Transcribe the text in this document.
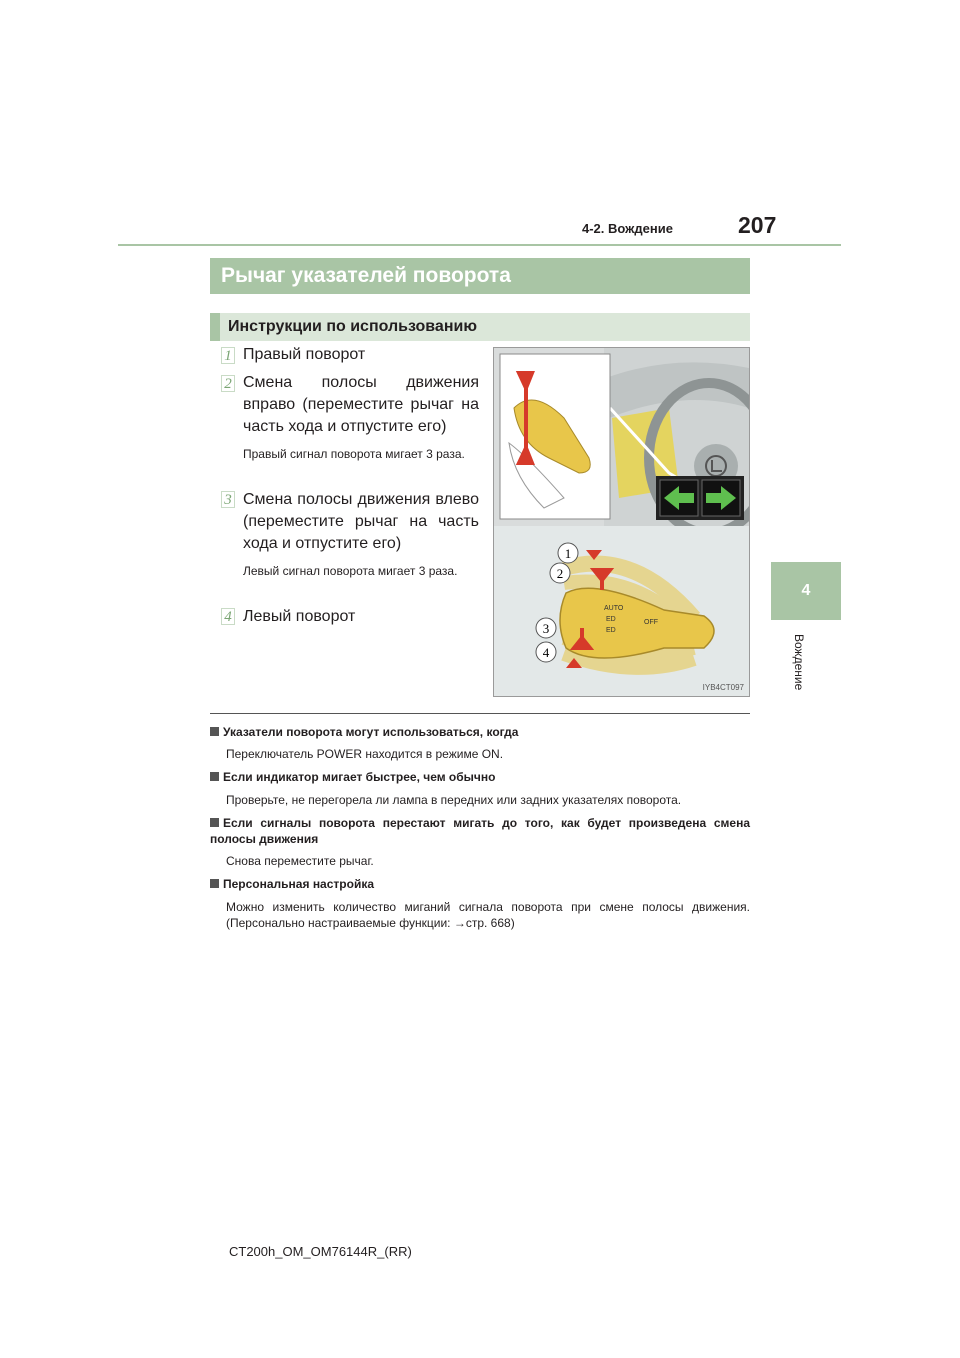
4-2. Вождение	207
4
Вождение
Рычаг указателей поворота
Инструкции по использованию
1 Правый поворот
2 Смена полосы движения вправо (переместите рычаг на часть хода и отпустите его)
Правый сигнал поворота мигает 3 раза.
3 Смена полосы движения влево (переместите рычаг на часть хода и отпустите его)
Левый сигнал поворота мигает 3 раза.
4 Левый поворот	AUTO
ED
ED
OFF
1
2
3
4
IYB4CT097
Указатели поворота могут использоваться, когда
Переключатель POWER находится в режиме ON.
Если индикатор мигает быстрее, чем обычно
Проверьте, не перегорела ли лампа в передних или задних указателях поворота.
Если сигналы поворота перестают мигать до того, как будет произведена смена полосы движения
Снова переместите рычаг.
Персональная настройка
Можно изменить количество миганий сигнала поворота при смене полосы движения. (Персонально настраиваемые функции: →стр. 668)
CT200h_OM_OM76144R_(RR)
